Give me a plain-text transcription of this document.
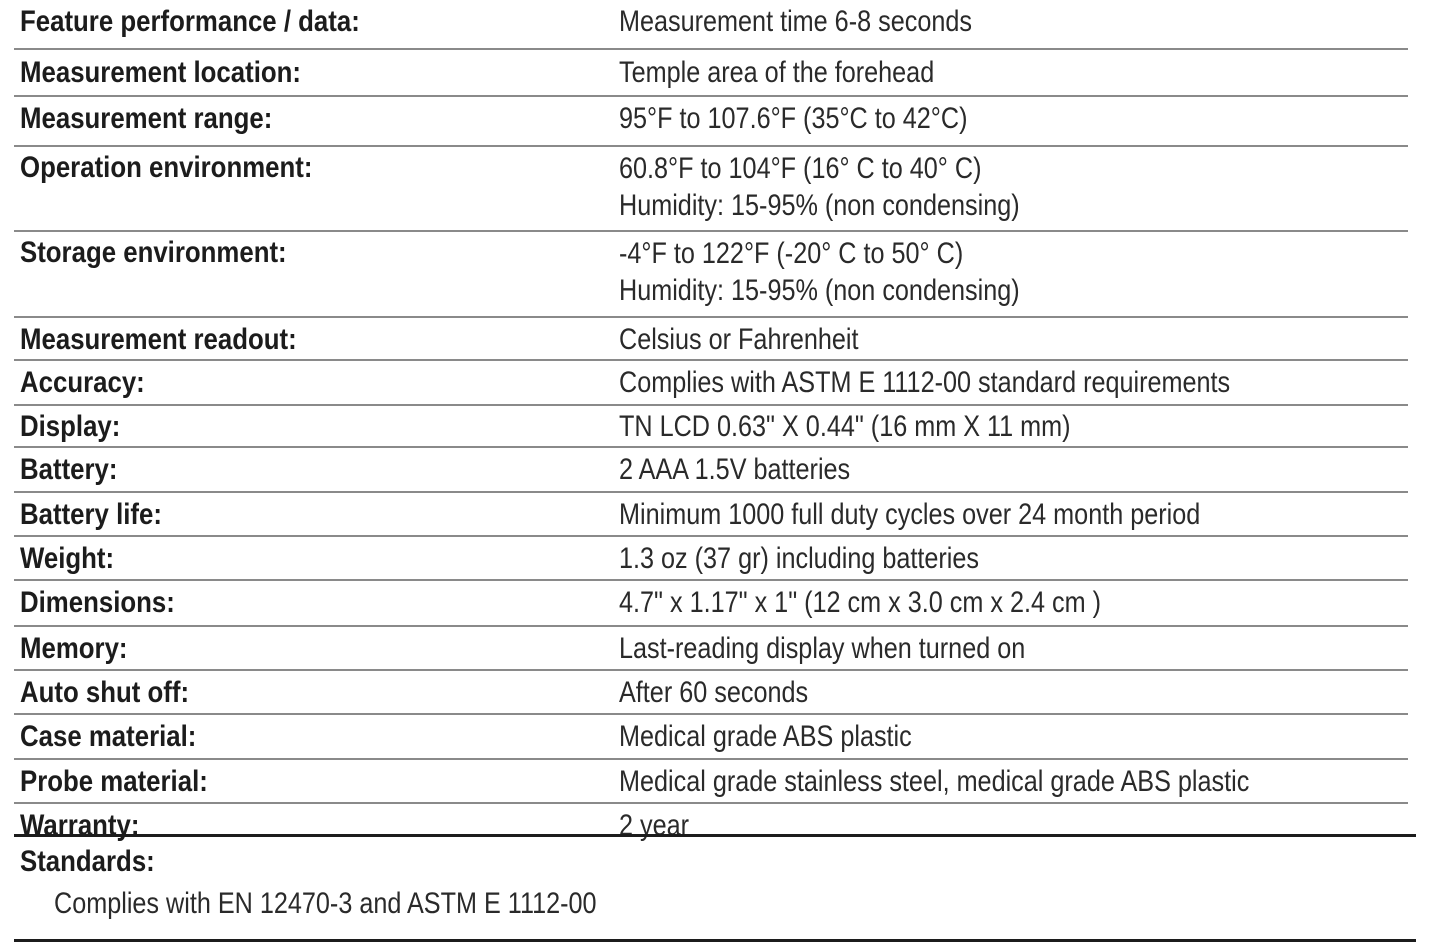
Feature performance / data:	Measurement time 6-8 seconds
Measurement location:	Temple area of the forehead
Measurement range:	95°F to 107.6°F (35°C to 42°C)
Operation environment:	60.8°F to 104°F (16° C to 40° C)
Humidity: 15-95% (non condensing)
Storage environment:	-4°F to 122°F (-20° C to 50° C)
Humidity: 15-95% (non condensing)
Measurement readout:	Celsius or Fahrenheit
Accuracy:	Complies with ASTM E 1112-00 standard requirements
Display:	TN LCD 0.63" X 0.44" (16 mm X 11 mm)
Battery:	2 AAA 1.5V batteries
Battery life:	Minimum 1000 full duty cycles over 24 month period
Weight:	1.3 oz (37 gr) including batteries
Dimensions:	4.7" x 1.17" x 1" (12 cm x 3.0 cm x 2.4 cm )
Memory:	Last-reading display when turned on
Auto shut off:	After 60 seconds
Case material:	Medical grade ABS plastic
Probe material:	Medical grade stainless steel, medical grade ABS plastic
Warranty:	2 year
Standards:
Complies with EN 12470-3 and ASTM E 1112-00
